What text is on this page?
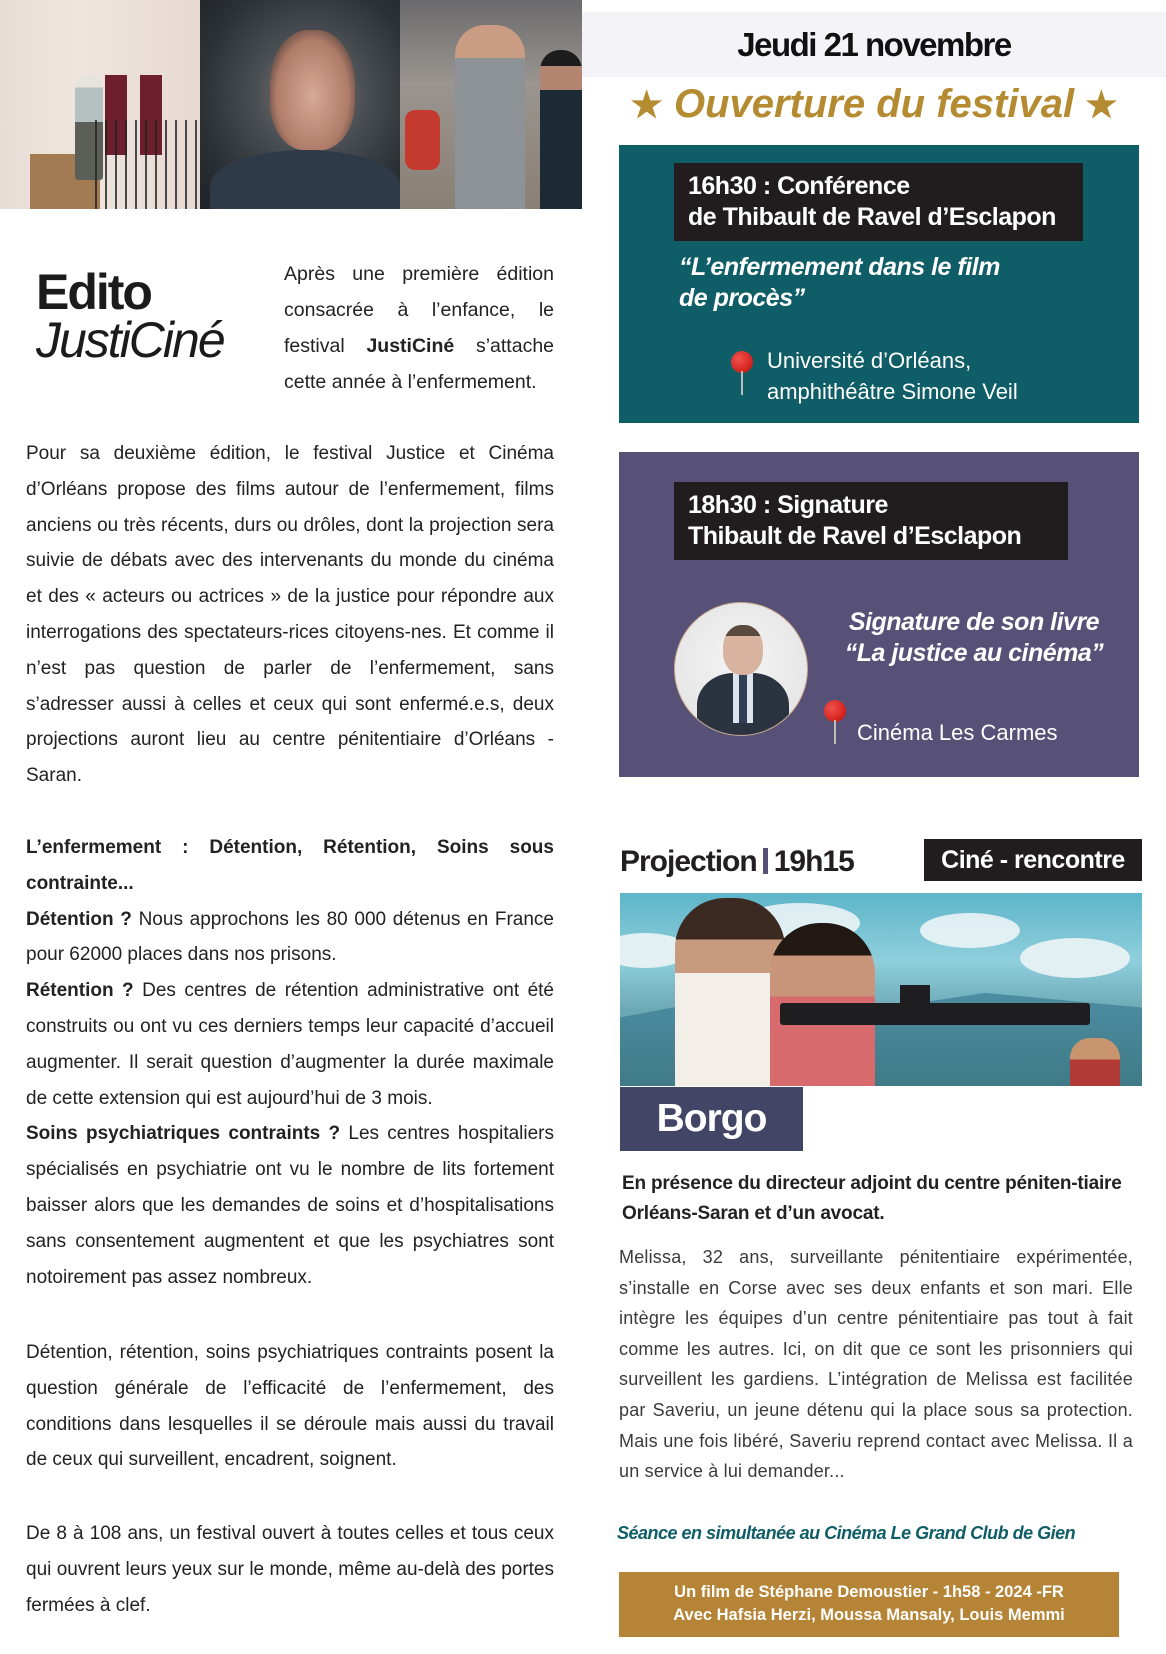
Edito
JustiCiné

Après une première édition consacrée à l’enfance, le festival JustiCiné s’attache cette année à l’enfermement.

Pour sa deuxième édition, le festival Justice et Cinéma d’Orléans propose des films autour de l’enfermement, films anciens ou très récents, durs ou drôles, dont la projection sera suivie de débats avec des intervenants du monde du cinéma et des « acteurs ou actrices » de la justice pour répondre aux interrogations des spectateurs-rices citoyens-nes. Et comme il n’est pas question de parler de l’enfermement, sans s’adresser aussi à celles et ceux qui sont enfermé.e.s, deux projections auront lieu au centre pénitentiaire d’Orléans - Saran.

L’enfermement : Détention, Rétention, Soins sous contrainte...
Détention ? Nous approchons les 80 000 détenus en France pour 62000 places dans nos prisons.
Rétention ? Des centres de rétention administrative ont été construits ou ont vu ces derniers temps leur capacité d’accueil augmenter. Il serait question d’augmenter la durée maximale de cette extension qui est aujourd’hui de 3 mois.
Soins psychiatriques contraints ? Les centres hospitaliers spécialisés en psychiatrie ont vu le nombre de lits fortement baisser alors que les demandes de soins et d’hospitalisations sans consentement augmentent et que les psychiatres sont notoirement pas assez nombreux.

Détention, rétention, soins psychiatriques contraints posent la question générale de l’efficacité de l’enfermement, des conditions dans lesquelles il se déroule mais aussi du travail de ceux qui surveillent, encadrent, soignent.

De 8 à 108 ans, un festival ouvert à toutes celles et tous ceux qui ouvrent leurs yeux sur le monde, même au-delà des portes fermées à clef.

Jeudi 21 novembre
★ Ouverture du festival ★
16h30 : Conférence
de Thibault de Ravel d’Esclapon
“L’enfermement dans le film
de procès”
Université d’Orléans,
amphithéâtre Simone Veil
18h30 : Signature
Thibault de Ravel d’Esclapon
Signature de son livre
“La justice au cinéma”
Cinéma Les Carmes
Projection 19h15	Ciné - rencontre
Borgo

En présence du directeur adjoint du centre péniten-tiaire Orléans-Saran et d’un avocat.

Melissa, 32 ans, surveillante pénitentiaire expérimentée, s’installe en Corse avec ses deux enfants et son mari. Elle intègre les équipes d’un centre pénitentiaire pas tout à fait comme les autres. Ici, on dit que ce sont les prisonniers qui surveillent les gardiens. L’intégration de Melissa est facilitée par Saveriu, un jeune détenu qui la place sous sa protection. Mais une fois libéré, Saveriu reprend contact avec Melissa. Il a un service à lui demander...

Séance en simultanée au Cinéma Le Grand Club de Gien

Un film de Stéphane Demoustier - 1h58 - 2024 -FR
Avec Hafsia Herzi, Moussa Mansaly, Louis Memmi
